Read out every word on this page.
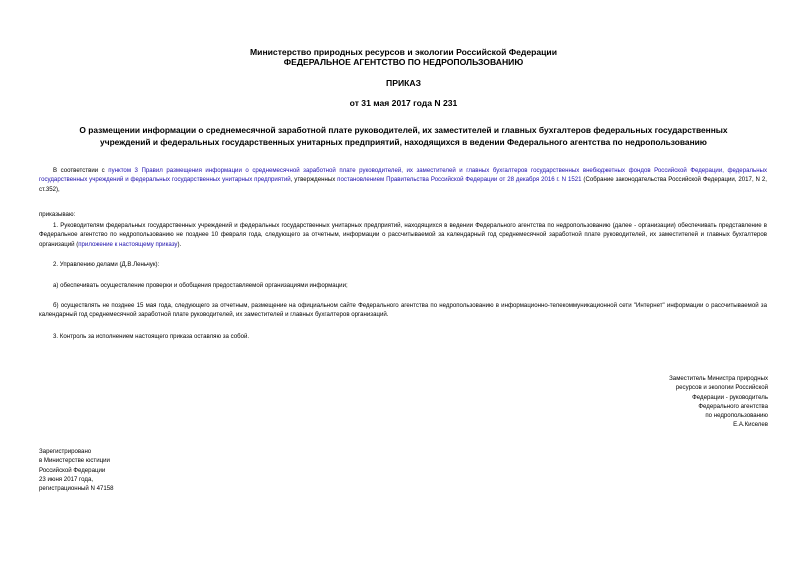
Министерство природных ресурсов и экологии Российской Федерации
ФЕДЕРАЛЬНОЕ АГЕНТСТВО ПО НЕДРОПОЛЬЗОВАНИЮ
ПРИКАЗ
от 31 мая 2017 года N 231
О размещении информации о среднемесячной заработной плате руководителей, их заместителей и главных бухгалтеров федеральных государственных
учреждений и федеральных государственных унитарных предприятий, находящихся в ведении Федерального агентства по недропользованию
В соответствии с пунктом 3 Правил размещения информации о среднемесячной заработной плате руководителей, их заместителей и главных бухгалтеров государственных внебюджетных фондов Российской Федерации, федеральных государственных учреждений и федеральных государственных унитарных предприятий, утвержденных постановлением Правительства Российской Федерации от 28 декабря 2016 г. N 1521 (Собрание законодательства Российской Федерации, 2017, N 2, ст.352),
приказываю:
1. Руководителям федеральных государственных учреждений и федеральных государственных унитарных предприятий, находящихся в ведении Федерального агентства по недропользованию (далее - организации) обеспечивать представление в Федеральное агентство по недропользованию не позднее 10 февраля года, следующего за отчетным, информации о рассчитываемой за календарный год среднемесячной заработной плате руководителей, их заместителей и главных бухгалтеров организаций (приложение к настоящему приказу).
2. Управлению делами (Д.В.Леньчук):
а) обеспечивать осуществление проверки и обобщения предоставляемой организациями информации;
б) осуществлять не позднее 15 мая года, следующего за отчетным, размещение на официальном сайте Федерального агентства по недропользованию в информационно-телекоммуникационной сети "Интернет" информации о рассчитываемой за календарный год среднемесячной заработной плате руководителей, их заместителей и главных бухгалтеров организаций.
3. Контроль за исполнением настоящего приказа оставляю за собой.
Заместитель Министра природных
ресурсов и экологии Российской
Федерации - руководитель
Федерального агентства
по недропользованию
Е.А.Киселев
Зарегистрировано
в Министерстве юстиции
Российской Федерации
23 июня 2017 года,
регистрационный N 47158
